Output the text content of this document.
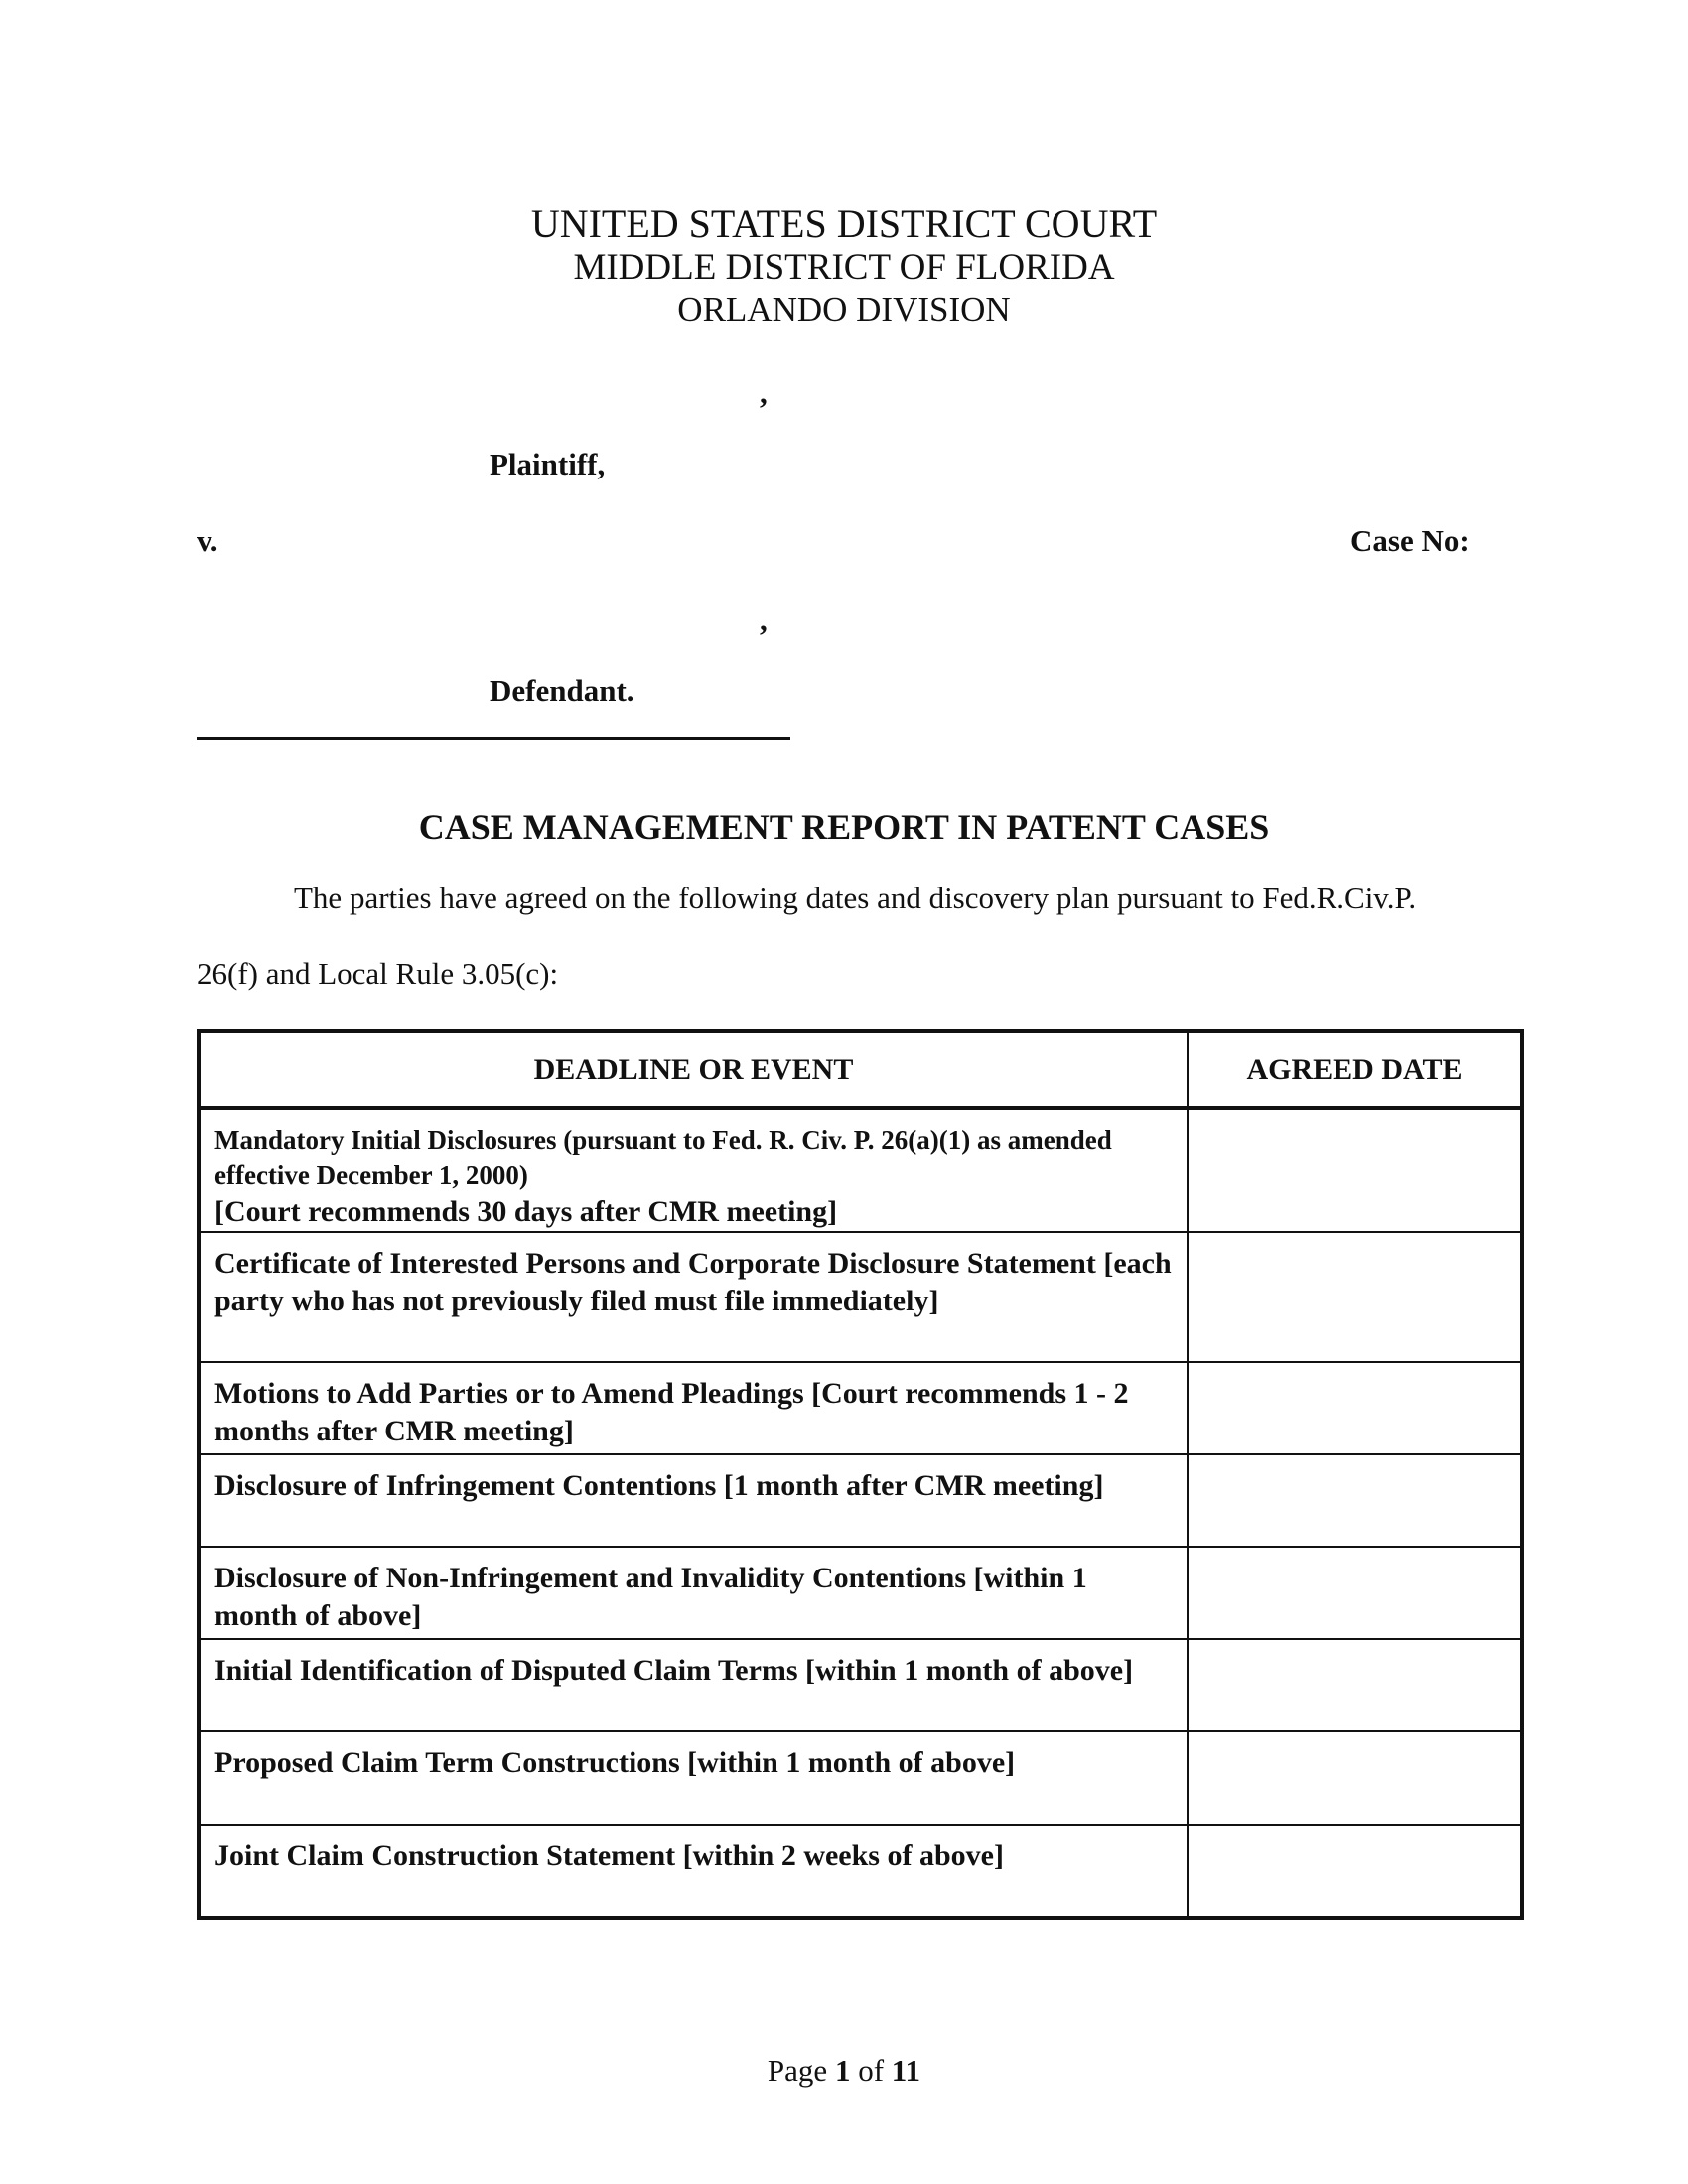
UNITED STATES DISTRICT COURT
MIDDLE DISTRICT OF FLORIDA
ORLANDO DIVISION
,
Plaintiff,
v.	Case No:
,
Defendant.
CASE MANAGEMENT REPORT IN PATENT CASES
The parties have agreed on the following dates and discovery plan pursuant to Fed.R.Civ.P.
26(f) and Local Rule 3.05(c):
DEADLINE OR EVENT	AGREED DATE

Mandatory Initial Disclosures (pursuant to Fed. R. Civ. P. 26(a)(1) as amended effective December 1, 2000)
[Court recommends 30 days after CMR meeting]	

Certificate of Interested Persons and Corporate Disclosure Statement [each party who has not previously filed must file immediately]	
Motions to Add Parties or to Amend Pleadings [Court recommends 1 - 2 months after CMR meeting]	
Disclosure of Infringement Contentions [1 month after CMR meeting]	
Disclosure of Non-Infringement and Invalidity Contentions [within 1 month of above]	
Initial Identification of Disputed Claim Terms [within 1 month of above]	
Proposed Claim Term Constructions [within 1 month of above]	
Joint Claim Construction Statement [within 2 weeks of above]	
Page 1 of 11
